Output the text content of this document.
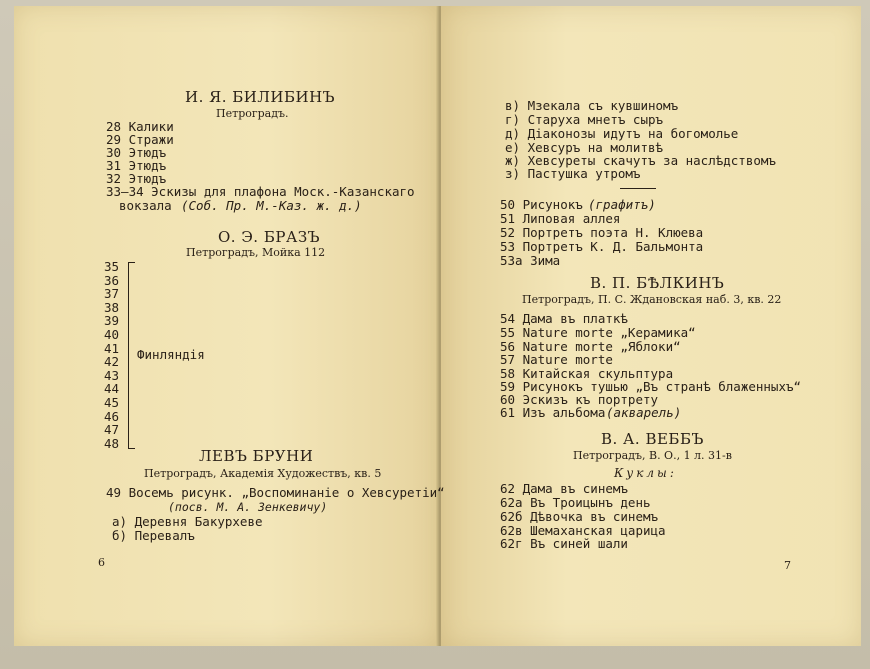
И. Я. БИЛИБИНЪ
Петроградъ.
28 Калики
29 Стражи
30 Этюдъ
31 Этюдъ
32 Этюдъ
33—34 Эскизы для плафона Моск.-Казанскаго
вокзала (Соб. Пр. М.-Каз. ж. д.)
О. Э. БРАЗЪ
Петроградъ, Мойка 112
35
36
37
38
39
40
41
42
43
44
45
46
47
48
Финляндія
ЛЕВЪ БРУНИ
Петроградъ, Академія Художествъ, кв. 5
49 Восемь рисунк. „Воспоминаніе о Хевсуретіи“
(посв. М. А. Зенкевичу)
а) Деревня Бакурхеве
б) Перевалъ
6
в) Мзекала съ кувшиномъ
г) Старуха мнетъ сыръ
д) Діаконозы идутъ на богомолье
е) Хевсуръ на молитвѣ
ж) Хевсуреты скачутъ за наслѣдствомъ
з) Пастушка утромъ
50 Рисунокъ (графитъ)
51 Липовая аллея
52 Портретъ поэта Н. Клюева
53 Портретъ К. Д. Бальмонта
53а Зима
В. П. БѢЛКИНЪ
Петроградъ, П. С. Ждановская наб. 3, кв. 22
54 Дама въ платкѣ
55 Nature morte „Керамика“
56 Nature morte „Яблоки“
57 Nature morte
58 Китайская скульптура
59 Рисунокъ тушью „Въ странѣ блаженныхъ“
60 Эскизъ къ портрету
61 Изъ альбома (акварель)
В. А. ВЕББЪ
Петроградъ, В. О., 1 л. 31-в
Куклы:
62 Дама въ синемъ
62а Въ Троицынъ день
62б Дѣвочка въ синемъ
62в Шемаханская царица
62г Въ синей шали
7
